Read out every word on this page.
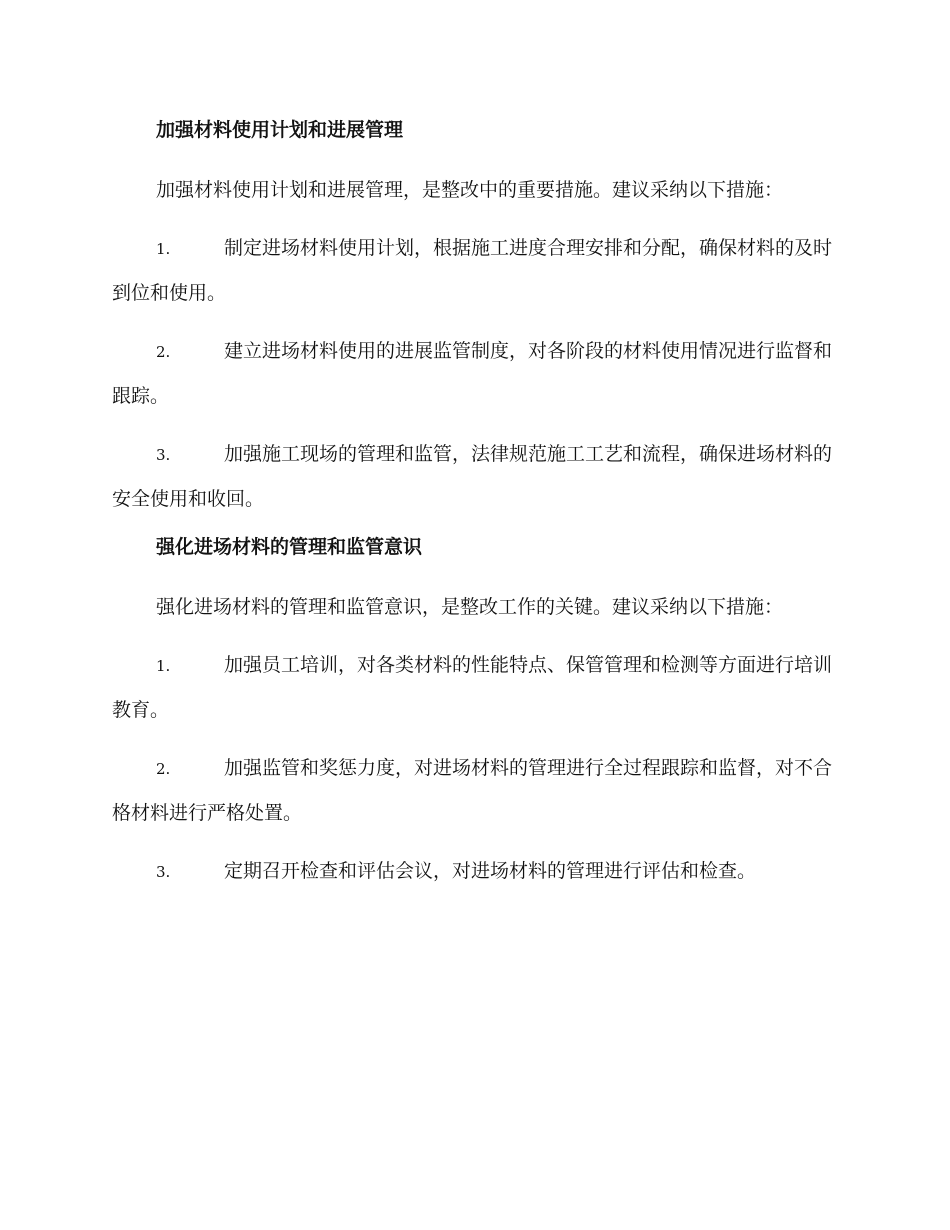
加强材料使用计划和进展管理

加强材料使用计划和进展管理，是整改中的重要措施。建议采纳以下措施：

1.	制定进场材料使用计划，根据施工进度合理安排和分配，确保材料的及时到位和使用。
2.	建立进场材料使用的进展监管制度，对各阶段的材料使用情况进行监督和跟踪。
3.	加强施工现场的管理和监管，法律规范施工工艺和流程，确保进场材料的安全使用和收回。
强化进场材料的管理和监管意识

强化进场材料的管理和监管意识，是整改工作的关键。建议采纳以下措施：

1.	加强员工培训，对各类材料的性能特点、保管管理和检测等方面进行培训教育。
2.	加强监管和奖惩力度，对进场材料的管理进行全过程跟踪和监督，对不合格材料进行严格处置。
3.	定期召开检查和评估会议，对进场材料的管理进行评估和检查。
